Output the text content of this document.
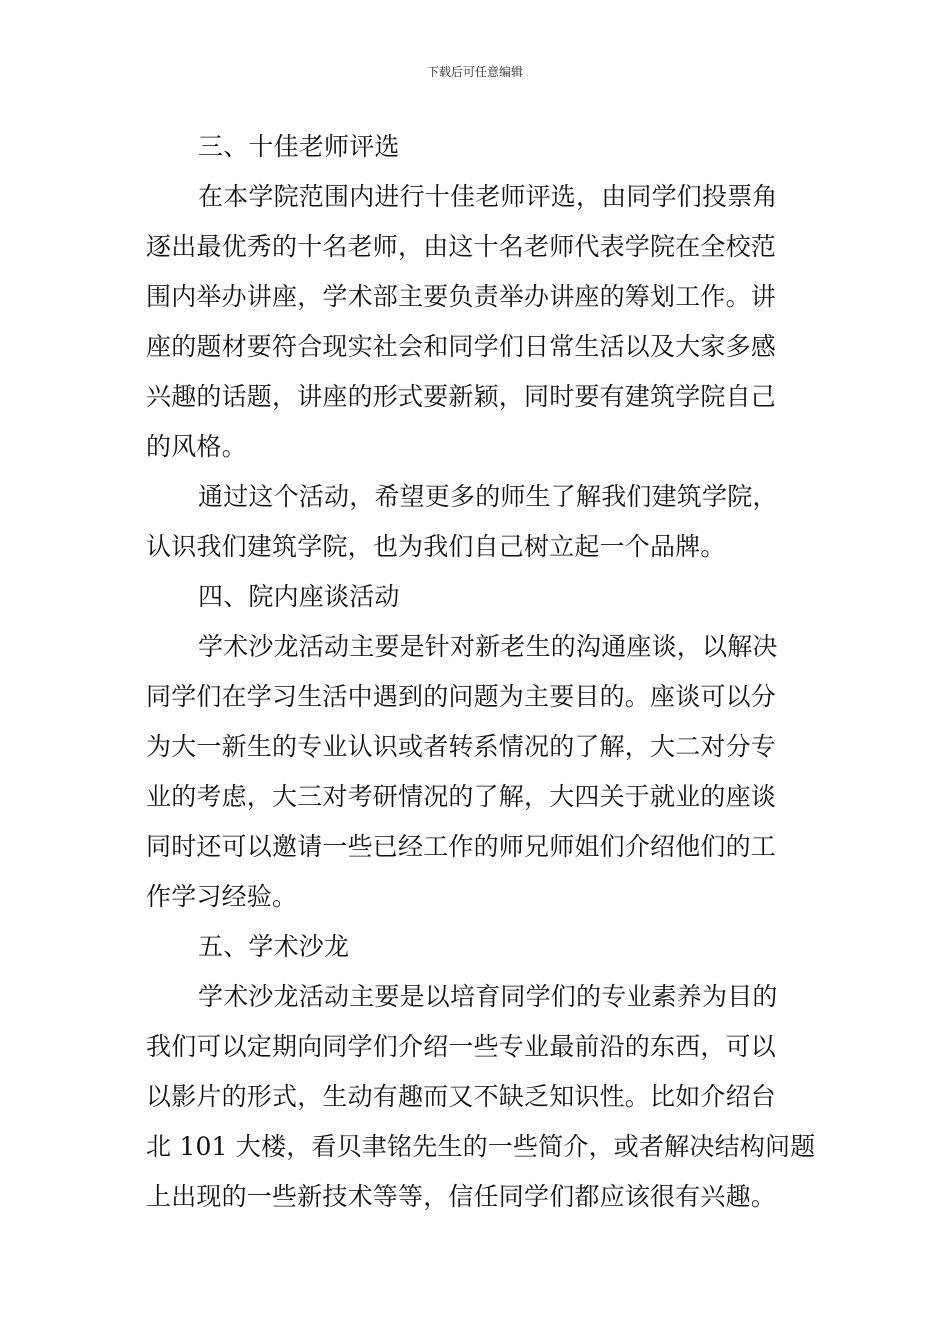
下载后可任意编辑
三、十佳老师评选
在本学院范围内进行十佳老师评选，由同学们投票角
逐出最优秀的十名老师，由这十名老师代表学院在全校范
围内举办讲座，学术部主要负责举办讲座的筹划工作。讲
座的题材要符合现实社会和同学们日常生活以及大家多感
兴趣的话题，讲座的形式要新颖，同时要有建筑学院自己
的风格。
通过这个活动，希望更多的师生了解我们建筑学院，
认识我们建筑学院，也为我们自己树立起一个品牌。
四、院内座谈活动
学术沙龙活动主要是针对新老生的沟通座谈，以解决
同学们在学习生活中遇到的问题为主要目的。座谈可以分
为大一新生的专业认识或者转系情况的了解，大二对分专
业的考虑，大三对考研情况的了解，大四关于就业的座谈
同时还可以邀请一些已经工作的师兄师姐们介绍他们的工
作学习经验。
五、学术沙龙
学术沙龙活动主要是以培育同学们的专业素养为目的
我们可以定期向同学们介绍一些专业最前沿的东西，可以
以影片的形式，生动有趣而又不缺乏知识性。比如介绍台
北 101 大楼，看贝聿铭先生的一些简介，或者解决结构问题
上出现的一些新技术等等，信任同学们都应该很有兴趣。
